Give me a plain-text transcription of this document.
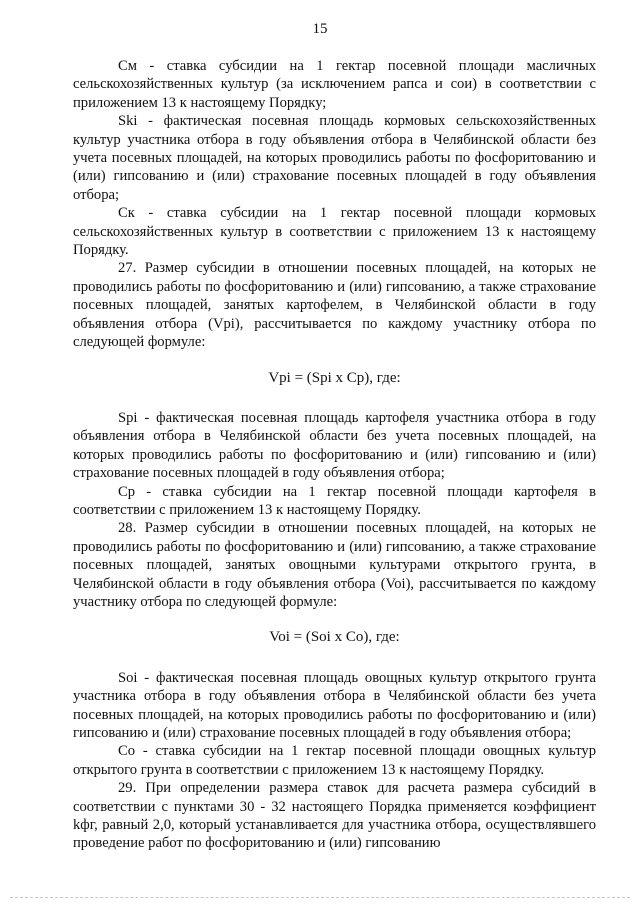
15

См - ставка субсидии на 1 гектар посевной площади масличных сельскохозяйственных культур (за исключением рапса и сои) в соответствии с приложением 13 к настоящему Порядку;

Ski - фактическая посевная площадь кормовых сельскохозяйственных культур участника отбора в году объявления отбора в Челябинской области без учета посевных площадей, на которых проводились работы по фосфоритованию и (или) гипсованию и (или) страхование посевных площадей в году объявления отбора;

Ск - ставка субсидии на 1 гектар посевной площади кормовых сельскохозяйственных культур в соответствии с приложением 13 к настоящему Порядку.

27. Размер субсидии в отношении посевных площадей, на которых не проводились работы по фосфоритованию и (или) гипсованию, а также страхование посевных площадей, занятых картофелем, в Челябинской области в году объявления отбора (Vpi), рассчитывается по каждому участнику отбора по следующей формуле:

Vpi = (Spi x Ср), где:

Spi - фактическая посевная площадь картофеля участника отбора в году объявления отбора в Челябинской области без учета посевных площадей, на которых проводились работы по фосфоритованию и (или) гипсованию и (или) страхование посевных площадей в году объявления отбора;

Ср - ставка субсидии на 1 гектар посевной площади картофеля в соответствии с приложением 13 к настоящему Порядку.

28. Размер субсидии в отношении посевных площадей, на которых не проводились работы по фосфоритованию и (или) гипсованию, а также страхование посевных площадей, занятых овощными культурами открытого грунта, в Челябинской области в году объявления отбора (Voi), рассчитывается по каждому участнику отбора по следующей формуле:

Voi = (Soi x Со), где:

Soi - фактическая посевная площадь овощных культур открытого грунта участника отбора в году объявления отбора в Челябинской области без учета посевных площадей, на которых проводились работы по фосфоритованию и (или) гипсованию и (или) страхование посевных площадей в году объявления отбора;

Со - ставка субсидии на 1 гектар посевной площади овощных культур открытого грунта в соответствии с приложением 13 к настоящему Порядку.

29. При определении размера ставок для расчета размера субсидий в соответствии с пунктами 30 - 32 настоящего Порядка применяется коэффициент kфг, равный 2,0, который устанавливается для участника отбора, осуществлявшего проведение работ по фосфоритованию и (или) гипсованию
